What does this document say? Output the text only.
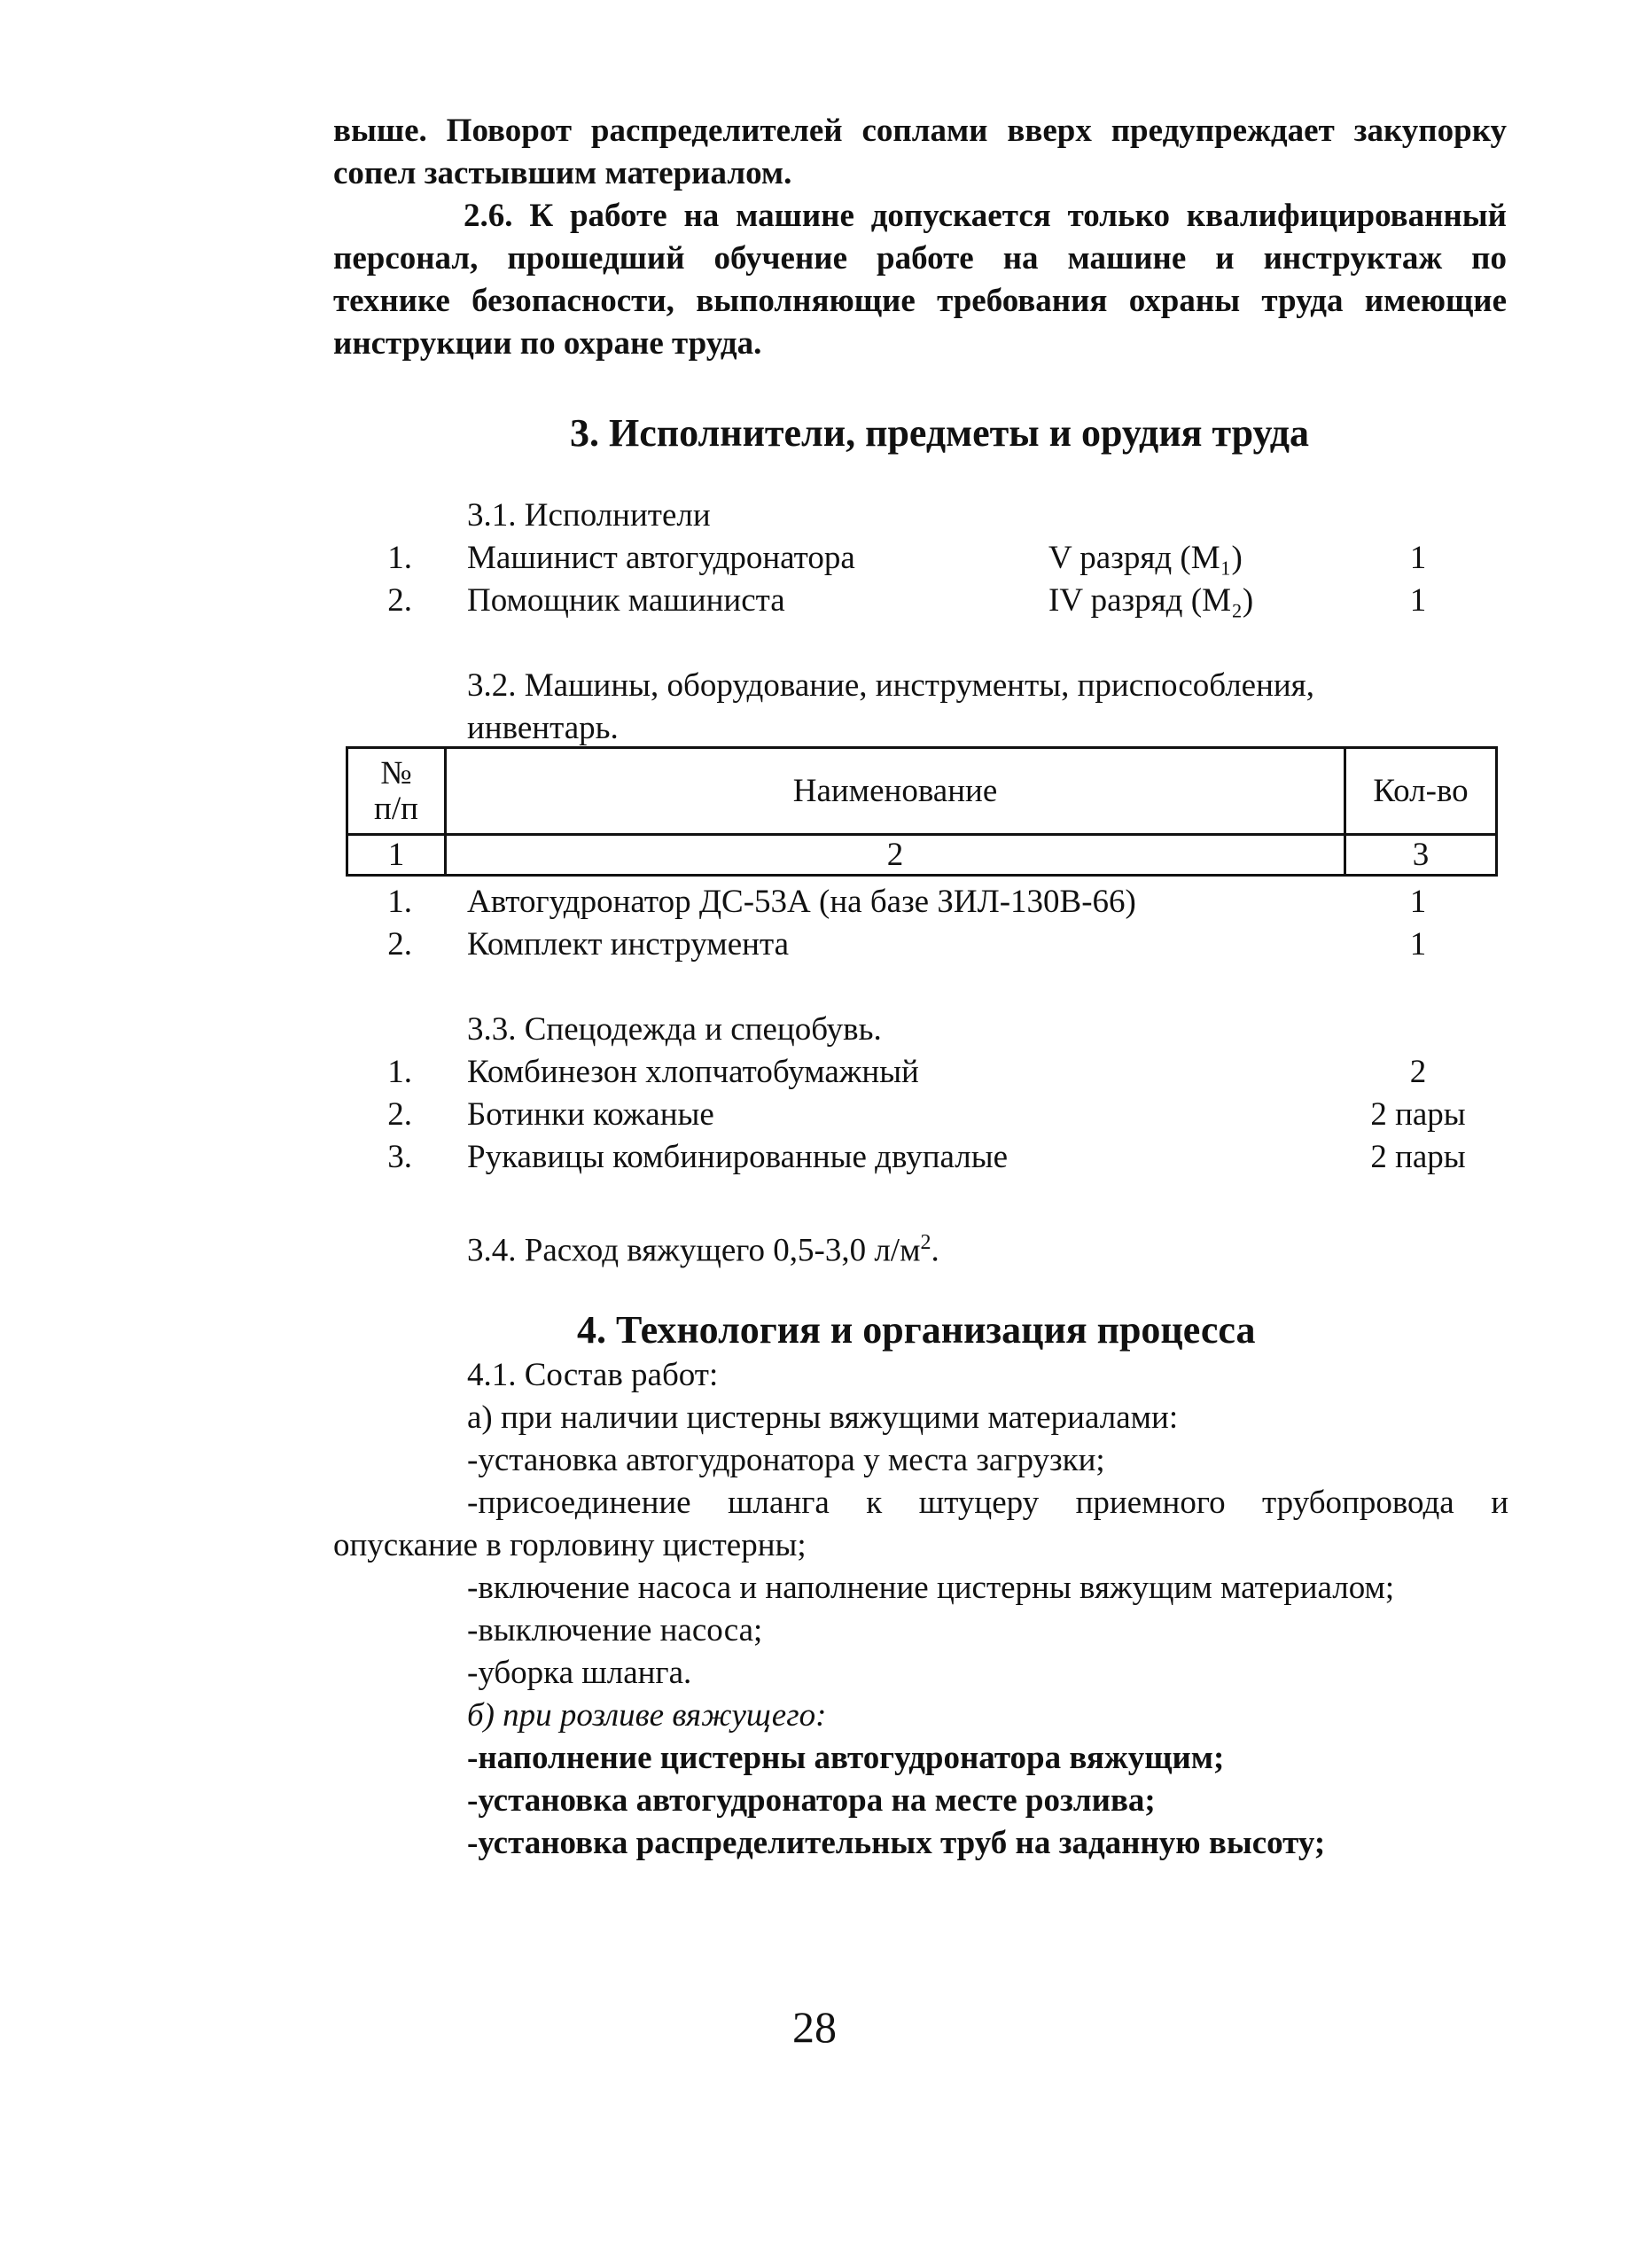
выше. Поворот распределителей соплами вверх предупреждает закупорку
сопел застывшим материалом.
2.6. К работе на машине допускается только квалифицированный
персонал, прошедший обучение работе на машине и инструктаж по
технике безопасности, выполняющие требования охраны труда имеющие
инструкции по охране труда.
3. Исполнители, предметы и орудия труда
3.1. Исполнители
1. Машинист автогудронатора	V разряд (М₁)	1
2. Помощник машиниста	IV разряд (М₂)	1
3.2. Машины, оборудование, инструменты, приспособления,
инвентарь.
№
п/п	Наименование	Кол-во
1	2	3
1. Автогудронатор ДС-53А (на базе ЗИЛ-130В-66)	1
2. Комплект инструмента	1
3.3. Спецодежда и спецобувь.
1. Комбинезон хлопчатобумажный	2
2. Ботинки кожаные	2 пары
3. Рукавицы комбинированные двупалые	2 пары
3.4. Расход вяжущего 0,5-3,0 $л/м^2$.
4. Технология и организация процесса
4.1. Состав работ:
а) при наличии цистерны вяжущими материалами:
-установка автогудронатора у места загрузки;
-присоединение шланга к штуцеру приемного трубопровода и
опускание в горловину цистерны;
-включение насоса и наполнение цистерны вяжущим материалом;
-выключение насоса;
-уборка шланга.
б) при розливе вяжущего:
-наполнение цистерны автогудронатора вяжущим;
-установка автогудронатора на месте розлива;
-установка распределительных труб на заданную высоту;
28
